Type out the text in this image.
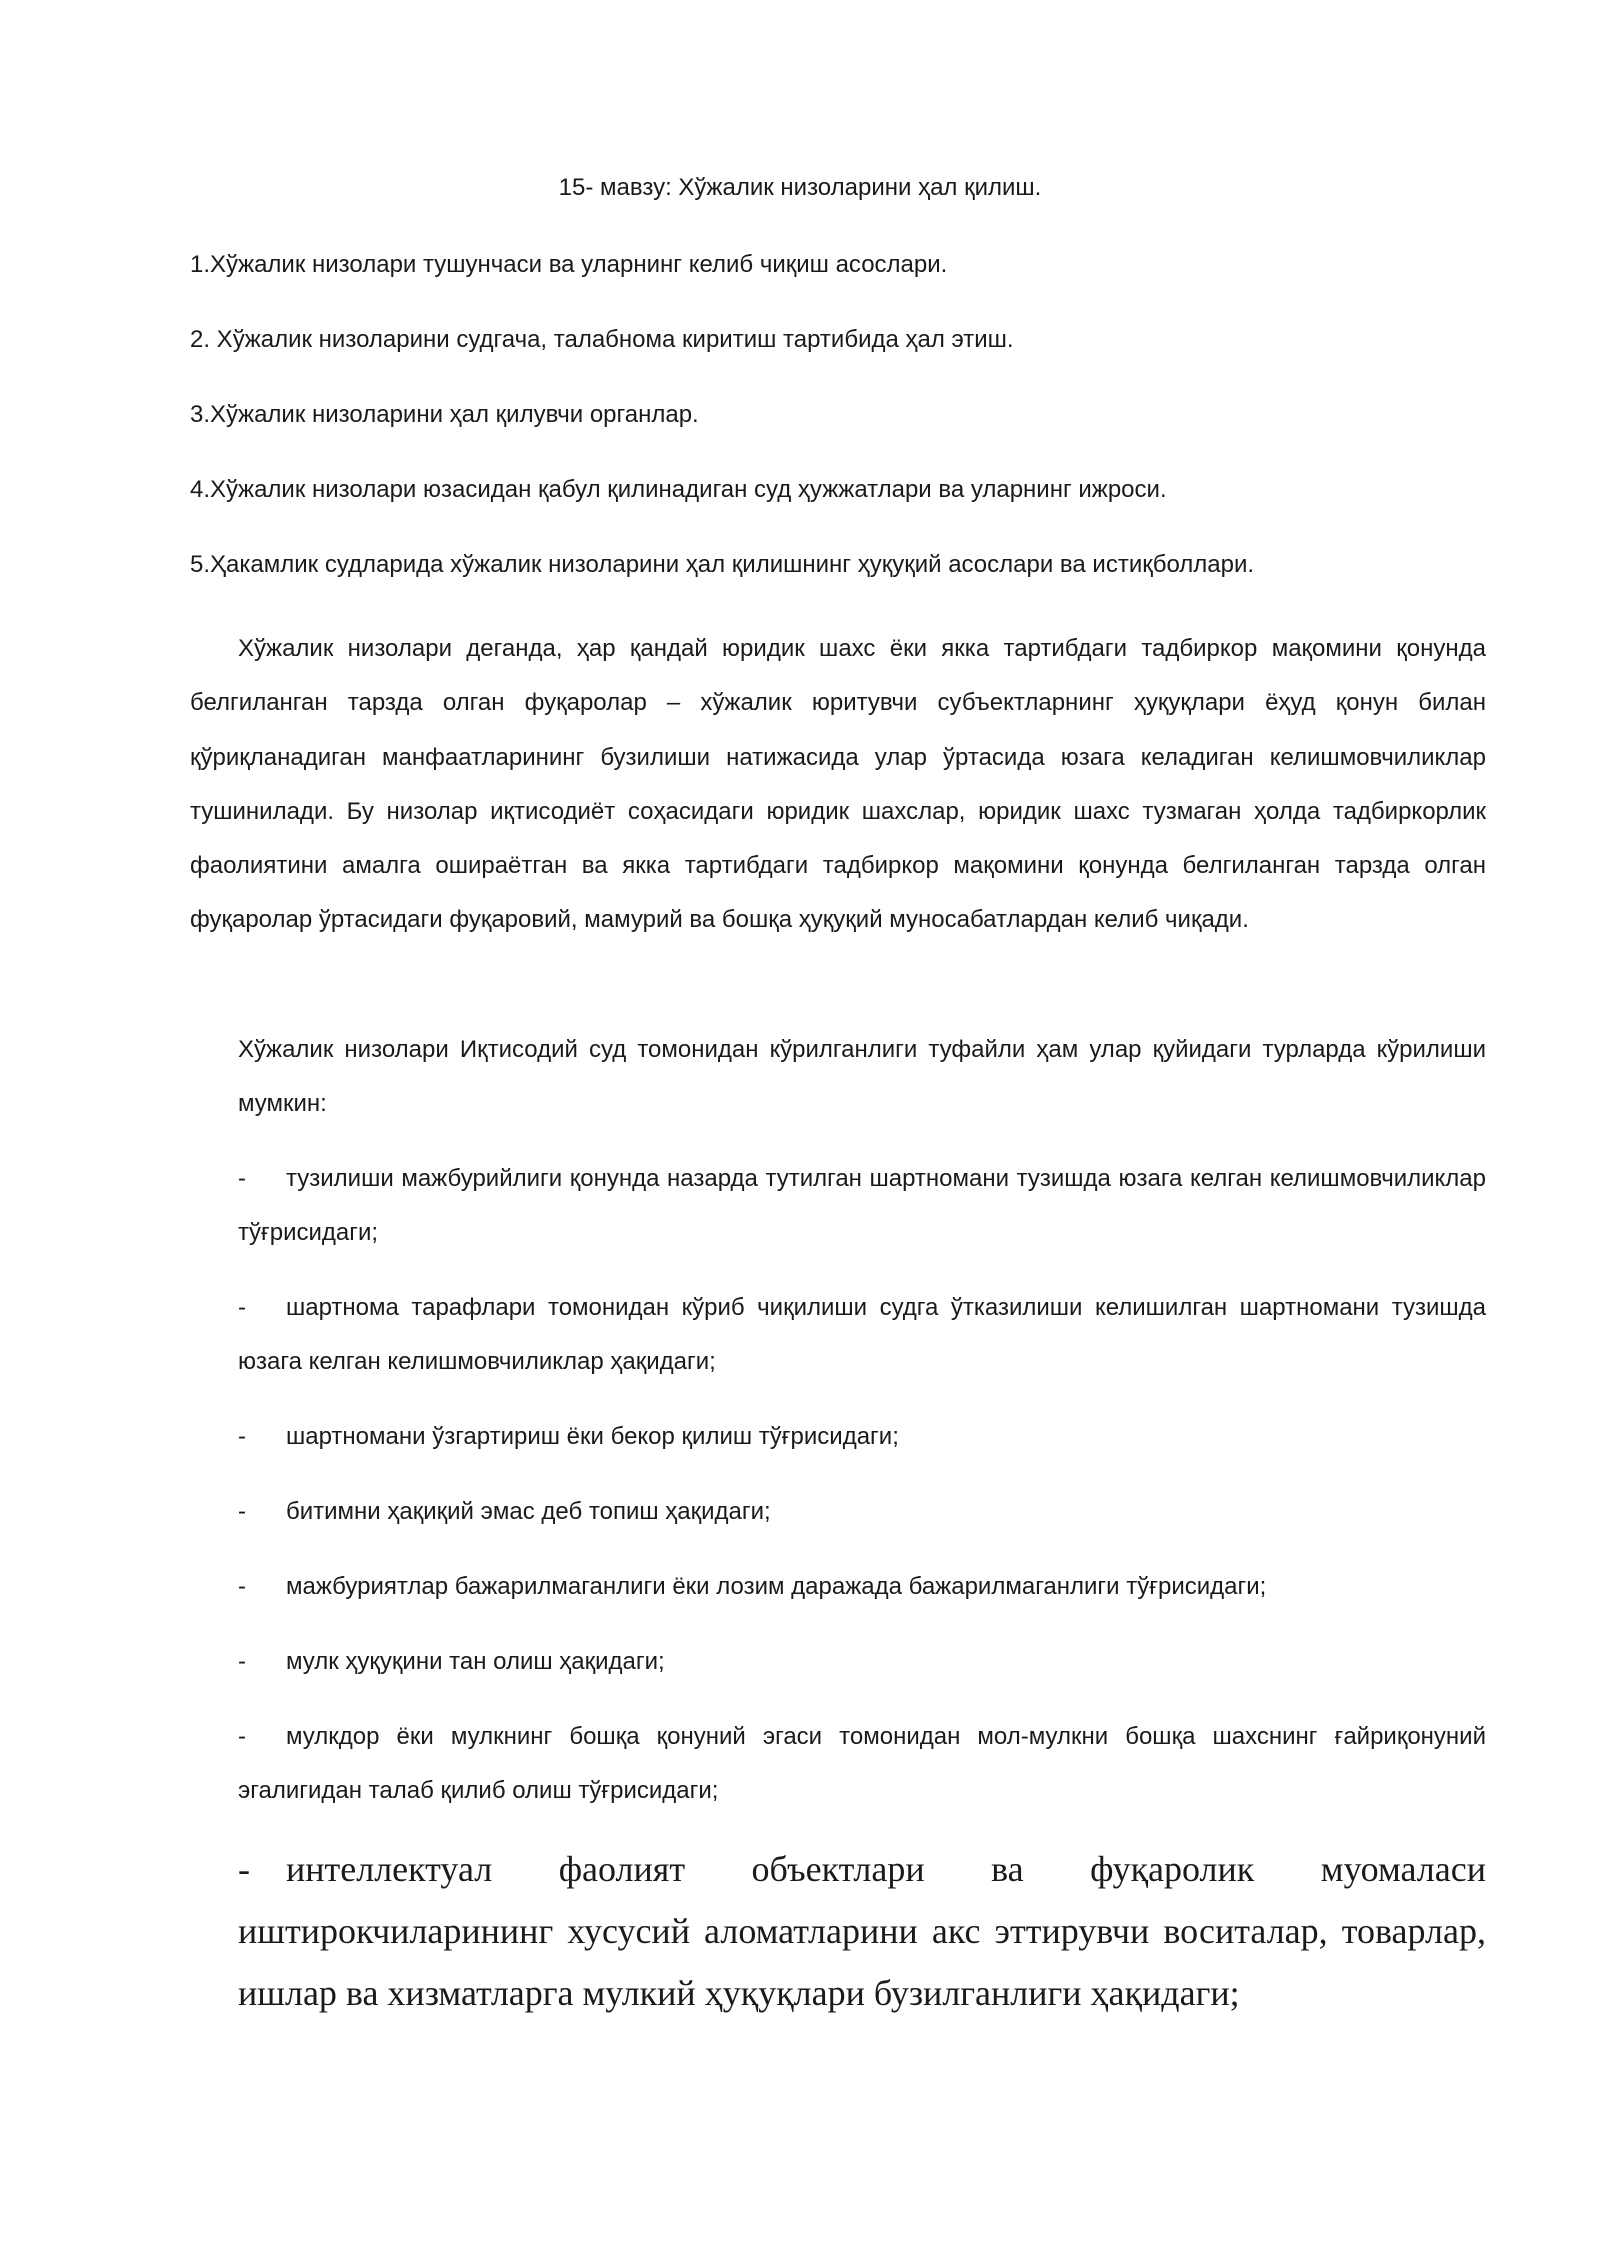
15- мавзу: Хўжалик низоларини ҳал қилиш.
1.Хўжалик низолари тушунчаси ва уларнинг келиб чиқиш асослари.
2. Хўжалик низоларини судгача, талабнома киритиш тартибида ҳал этиш.
3.Хўжалик низоларини ҳал қилувчи органлар.
4.Хўжалик низолари юзасидан қабул қилинадиган суд ҳужжатлари ва уларнинг ижроси.
5.Ҳакамлик судларида хўжалик низоларини ҳал қилишнинг ҳуқуқий асослари ва истиқболлари.

Хўжалик низолари деганда, ҳар қандай юридик шахс ёки якка тартибдаги тадбиркор мақомини қонунда белгиланган тарзда олган фуқаролар – хўжалик юритувчи субъектларнинг ҳуқуқлари ёҳуд қонун билан қўриқланадиган манфаатларининг бузилиши натижасида улар ўртасида юзага келадиган келишмовчиликлар тушинилади. Бу низолар иқтисодиёт соҳасидаги юридик шахслар, юридик шахс тузмаган ҳолда тадбиркорлик фаолиятини амалга ошираётган ва якка тартибдаги тадбиркор мақомини қонунда белгиланган тарзда олган фуқаролар ўртасидаги фуқаровий, мамурий ва бошқа ҳуқуқий муносабатлардан келиб чиқади.

Хўжалик низолари Иқтисодий суд томонидан кўрилганлиги туфайли ҳам улар қуйидаги турларда кўрилиши мумкин:

- тузилиши мажбурийлиги қонунда назарда тутилган шартномани тузишда юзага келган келишмовчиликлар тўғрисидаги;

- шартнома тарафлари томонидан кўриб чиқилиши судга ўтказилиши келишилган шартномани тузишда юзага келган келишмовчиликлар ҳақидаги;

- шартномани ўзгартириш ёки бекор қилиш тўғрисидаги;

- битимни ҳақиқий эмас деб топиш ҳақидаги;

- мажбуриятлар бажарилмаганлиги ёки лозим даражада бажарилмаганлиги тўғрисидаги;

- мулк ҳуқуқини тан олиш ҳақидаги;

- мулкдор ёки мулкнинг бошқа қонуний эгаси томонидан мол-мулкни бошқа шахснинг ғайриқонуний эгалигидан талаб қилиб олиш тўғрисидаги;

- интеллектуал фаолият объектлари ва фуқаролик муомаласи иштирокчиларининг хусусий аломатларини акс эттирувчи воситалар, товарлар, ишлар ва хизматларга мулкий ҳуқуқлари бузилганлиги ҳақидаги;
